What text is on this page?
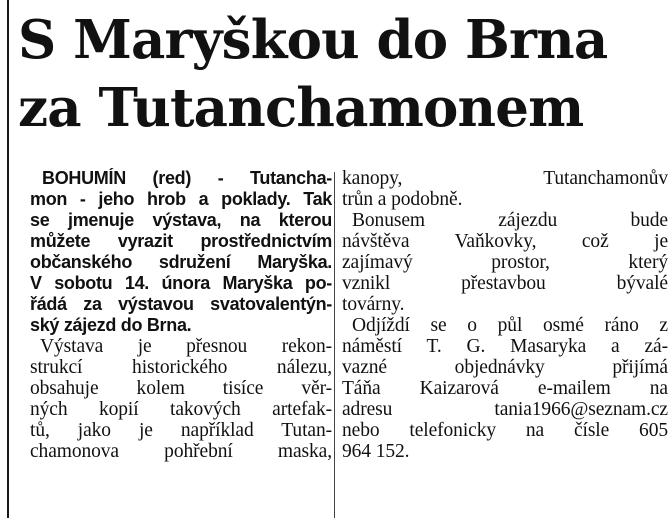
S Maryškou do Brna
za Tutanchamonem
BOHUMÍN (red) - Tutancha-
mon - jeho hrob a poklady. Tak
se jmenuje výstava, na kterou
můžete vyrazit prostřednictvím
občanského sdružení Maryška.
V sobotu 14. února Maryška po-
řádá za výstavou svatovalentýn-
ský zájezd do Brna.
Výstava je přesnou rekon-
strukcí historického nálezu,
obsahuje kolem tisíce věr-
ných kopií takových artefak-
tů, jako je například Tutan-
chamonova pohřební maska,
kanopy, Tutanchamonův
trůn a podobně.
Bonusem zájezdu bude
návštěva Vaňkovky, což je
zajímavý prostor, který
vznikl přestavbou bývalé
továrny.
Odjíždí se o půl osmé ráno z
náměstí T. G. Masaryka a zá-
vazné objednávky přijímá
Táňa Kaizarová e-mailem na
adresu tania1966@seznam.cz
nebo telefonicky na čísle 605
964 152.
